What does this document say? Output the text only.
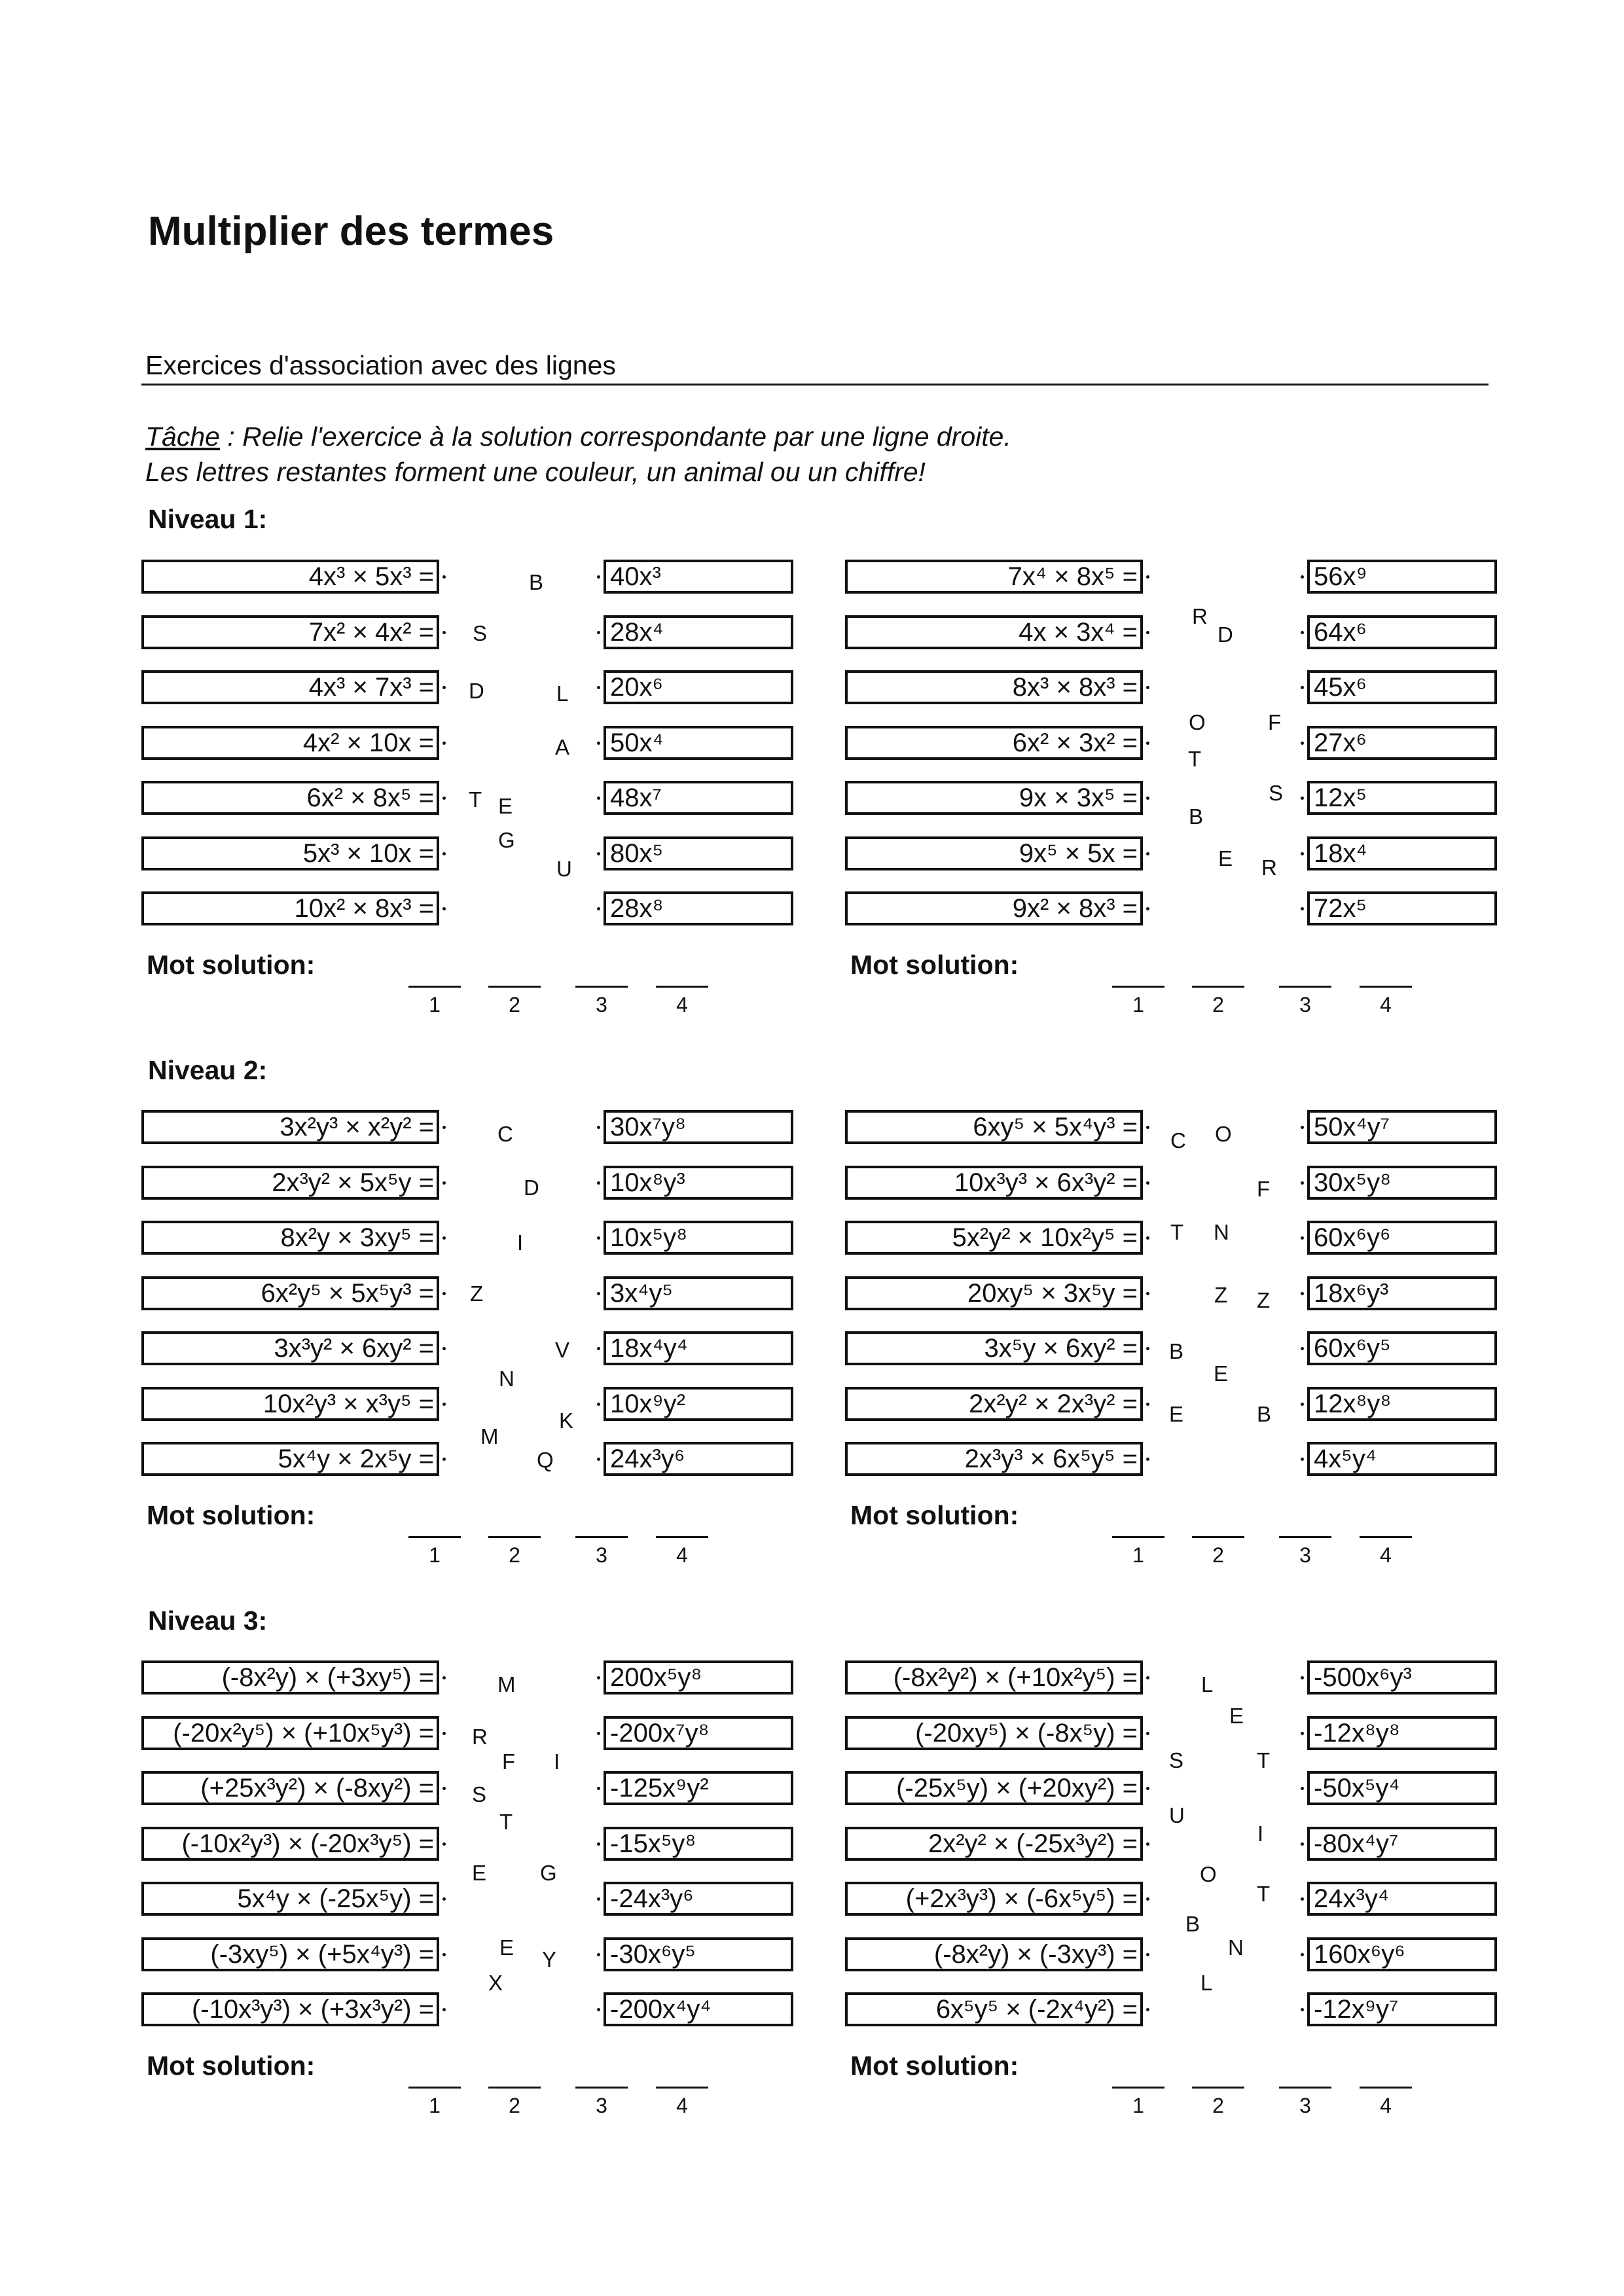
Multiplier des termes
Exercices d'association avec des lignes
Tâche : Relie l'exercice à la solution correspondante par une ligne droite.
Les lettres restantes forment une couleur, un animal ou un chiffre!
Niveau 1:
4x³ × 5x³ =
7x² × 4x² =
4x³ × 7x³ =
4x² × 10x =
6x² × 8x⁵ =
5x³ × 10x =
10x² × 8x³ =
40x³
28x⁴
20x⁶
50x⁴
48x⁷
80x⁵
28x⁸
B
S
D	L
A
T E
G
U
Mot solution:
1	2	3	4
7x⁴ × 8x⁵ =
4x × 3x⁴ =
8x³ × 8x³ =
6x² × 3x² =
9x × 3x⁵ =
9x⁵ × 5x =
9x² × 8x³ =
56x⁹
64x⁶
45x⁶
27x⁶
12x⁵
18x⁴
72x⁵
R
D
O	F
T
S
B
E R
Mot solution:
1	2	3	4
Niveau 2:
3x²y³ × x²y² =
2x³y² × 5x⁵y =
8x²y × 3xy⁵ =
6x²y⁵ × 5x⁵y³ =
3x³y² × 6xy² =
10x²y³ × x³y⁵ =
5x⁴y × 2x⁵y =
30x⁷y⁸
10x⁸y³
10x⁵y⁸
3x⁴y⁵
18x⁴y⁴
10x⁹y²
24x³y⁶
C
D
I
Z
V
N
K
M
Q
Mot solution:
1	2	3	4
6xy⁵ × 5x⁴y³ =
10x³y³ × 6x³y² =
5x²y² × 10x²y⁵ =
20xy⁵ × 3x⁵y =
3x⁵y × 6xy² =
2x²y² × 2x³y² =
2x³y³ × 6x⁵y⁵ =
50x⁴y⁷
30x⁵y⁸
60x⁶y⁶
18x⁶y³
60x⁶y⁵
12x⁸y⁸
4x⁵y⁴
C O
F
T N
Z Z
B
E
E	B
Mot solution:
1	2	3	4
Niveau 3:
(-8x²y) × (+3xy⁵) =
(-20x²y⁵) × (+10x⁵y³) =
(+25x³y²) × (-8xy²) =
(-10x²y³) × (-20x³y⁵) =
5x⁴y × (-25x⁵y) =
(-3xy⁵) × (+5x⁴y³) =
(-10x³y³) × (+3x³y²) =
200x⁵y⁸
-200x⁷y⁸
-125x⁹y²
-15x⁵y⁸
-24x³y⁶
-30x⁶y⁵
-200x⁴y⁴
M
R
F I
S
T
E G
E Y
X
Mot solution:
1	2	3	4
(-8x²y²) × (+10x²y⁵) =
(-20xy⁵) × (-8x⁵y) =
(-25x⁵y) × (+20xy²) =
2x²y² × (-25x³y²) =
(+2x³y³) × (-6x⁵y⁵) =
(-8x²y) × (-3xy³) =
6x⁵y⁵ × (-2x⁴y²) =
-500x⁶y³
-12x⁸y⁸
-50x⁵y⁴
-80x⁴y⁷
24x³y⁴
160x⁶y⁶
-12x⁹y⁷
L
E
S	T
U
I
O
T
B
N
L
Mot solution:
1	2	3	4
